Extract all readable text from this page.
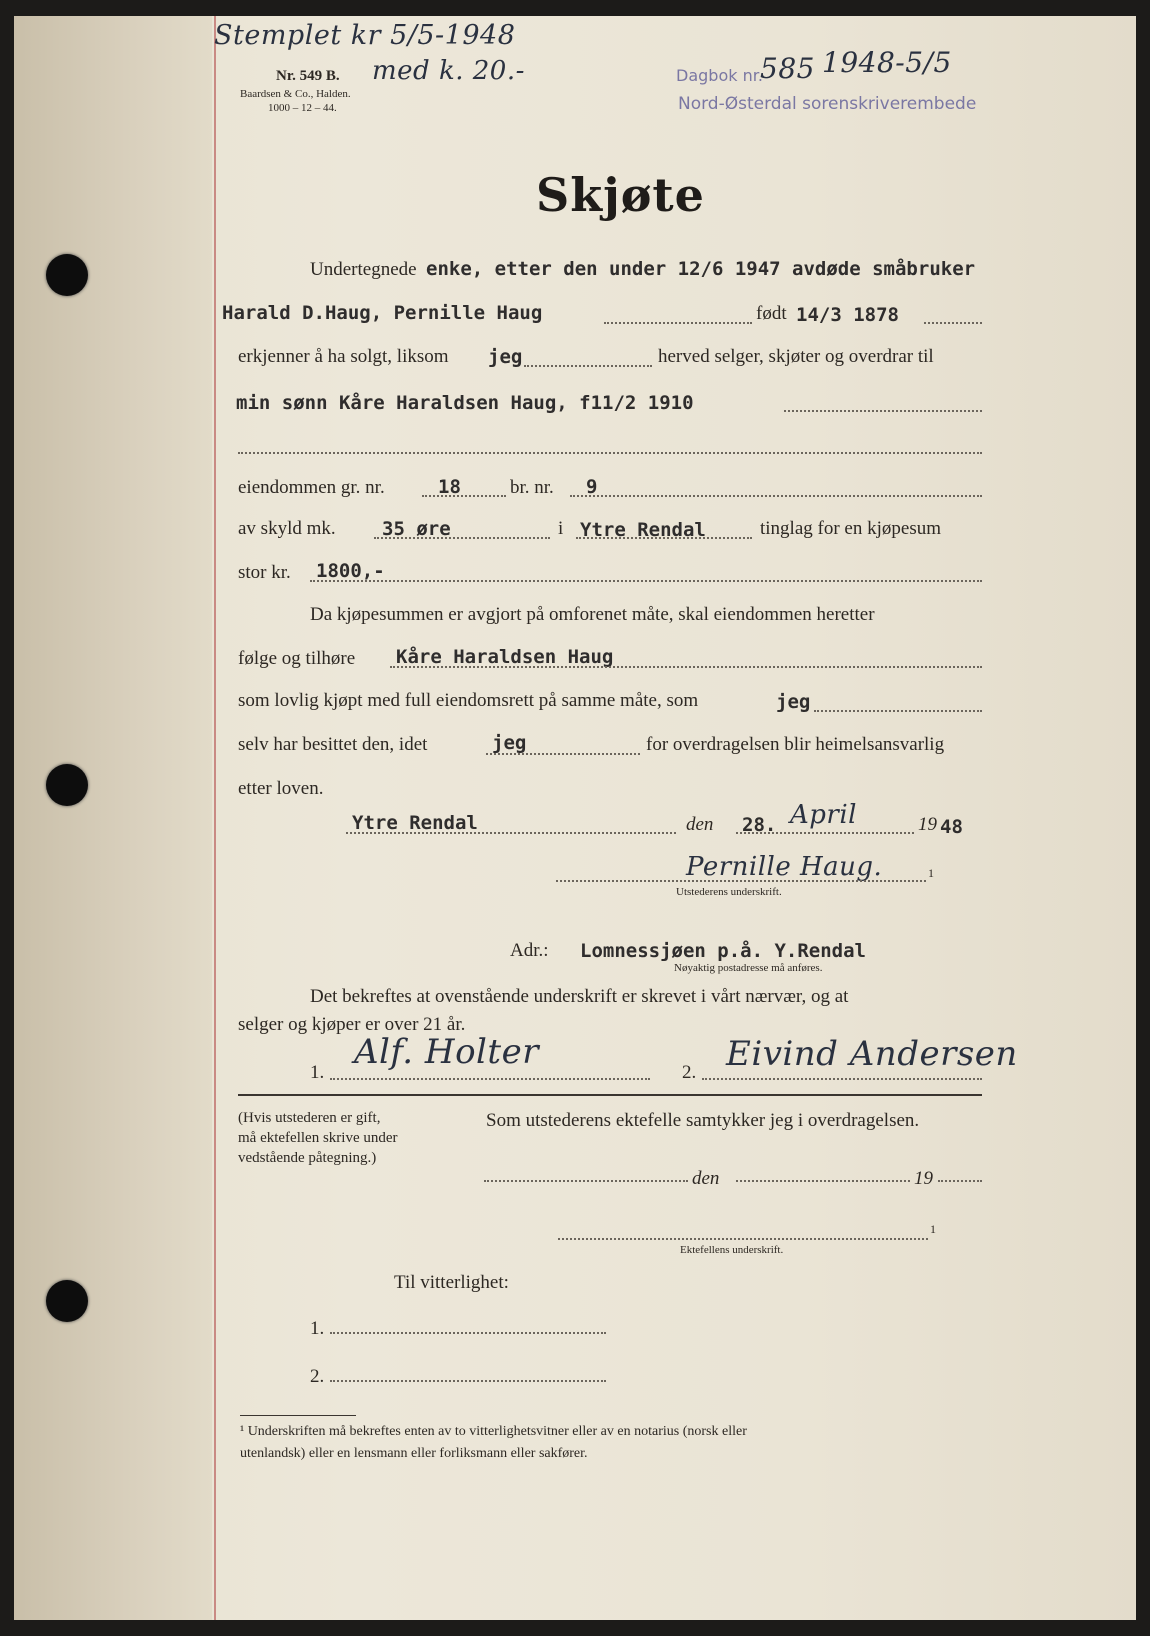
Stemplet kr 5/5-1948
med k. 20.-
Nr. 549 B.
Baardsen & Co., Halden.
1000 – 12 – 44.
Dagbok nr.
585 1948-5/5
Nord-Østerdal sorenskriverembede
Skjøte
Undertegnede enke, etter den under 12/6 1947 avdøde småbruker
Harald D.Haug, Pernille Haug	født 14/3 1878
erkjenner å ha solgt, liksom jeg	herved selger, skjøter og overdrar til
min sønn Kåre Haraldsen Haug, f11/2 1910
eiendommen gr. nr.	18	br. nr. 9
av skyld mk. 35 øre	i Ytre Rendal	tinglag for en kjøpesum
stor kr. 1800,-
Da kjøpesummen er avgjort på omforenet måte, skal eiendommen heretter
følge og tilhøre Kåre Haraldsen Haug
som lovlig kjøpt med full eiendomsrett på samme måte, som	jeg
selv har besittet den, idet	jeg	for overdragelsen blir heimelsansvarlig
etter loven.
Ytre Rendal	den 28. April	19 48
Pernille Haug.	1
Utstederens underskrift.
Adr.: Lomnessjøen p.å. Y.Rendal
Nøyaktig postadresse må anføres.
Det bekreftes at ovenstående underskrift er skrevet i vårt nærvær, og at
selger og kjøper er over 21 år.
1.
Alf. Holter
2. Eivind Andersen
(Hvis utstederen er gift,
må ektefellen skrive under
vedstående påtegning.)
Som utstederens ektefelle samtykker jeg i overdragelsen.
den	19
1
Ektefellens underskrift.
Til vitterlighet:
1.
2.
¹ Underskriften må bekreftes enten av to vitterlighetsvitner eller av en notarius (norsk eller
utenlandsk) eller en lensmann eller forliksmann eller sakfører.
